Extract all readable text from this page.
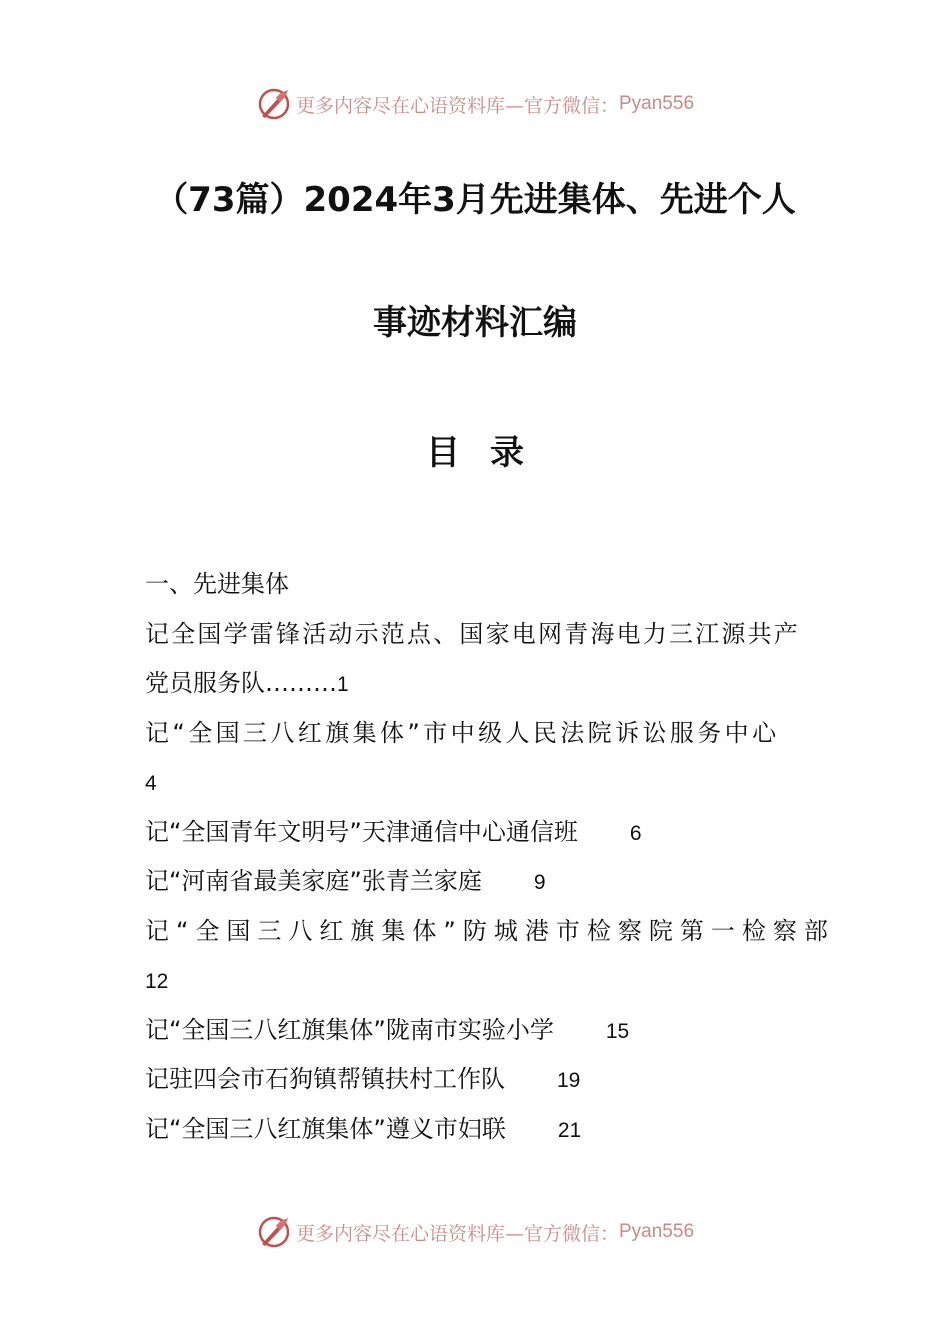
更多内容尽在心语资料库—官方微信： Pyan556
（73篇）2024年3月先进集体、先进个人
事迹材料汇编
目录
一、先进集体
记全国学雷锋活动示范点、国家电网青海电力三江源共产
党员服务队………1
记“全国三八红旗集体”市中级人民法院诉讼服务中心
4
记“全国青年文明号”天津通信中心通信班 6
记“河南省最美家庭”张青兰家庭 9
记“全国三八红旗集体”防城港市检察院第一检察部
12
记“全国三八红旗集体”陇南市实验小学 15
记驻四会市石狗镇帮镇扶村工作队 19
记“全国三八红旗集体”遵义市妇联 21
更多内容尽在心语资料库—官方微信： Pyan556
